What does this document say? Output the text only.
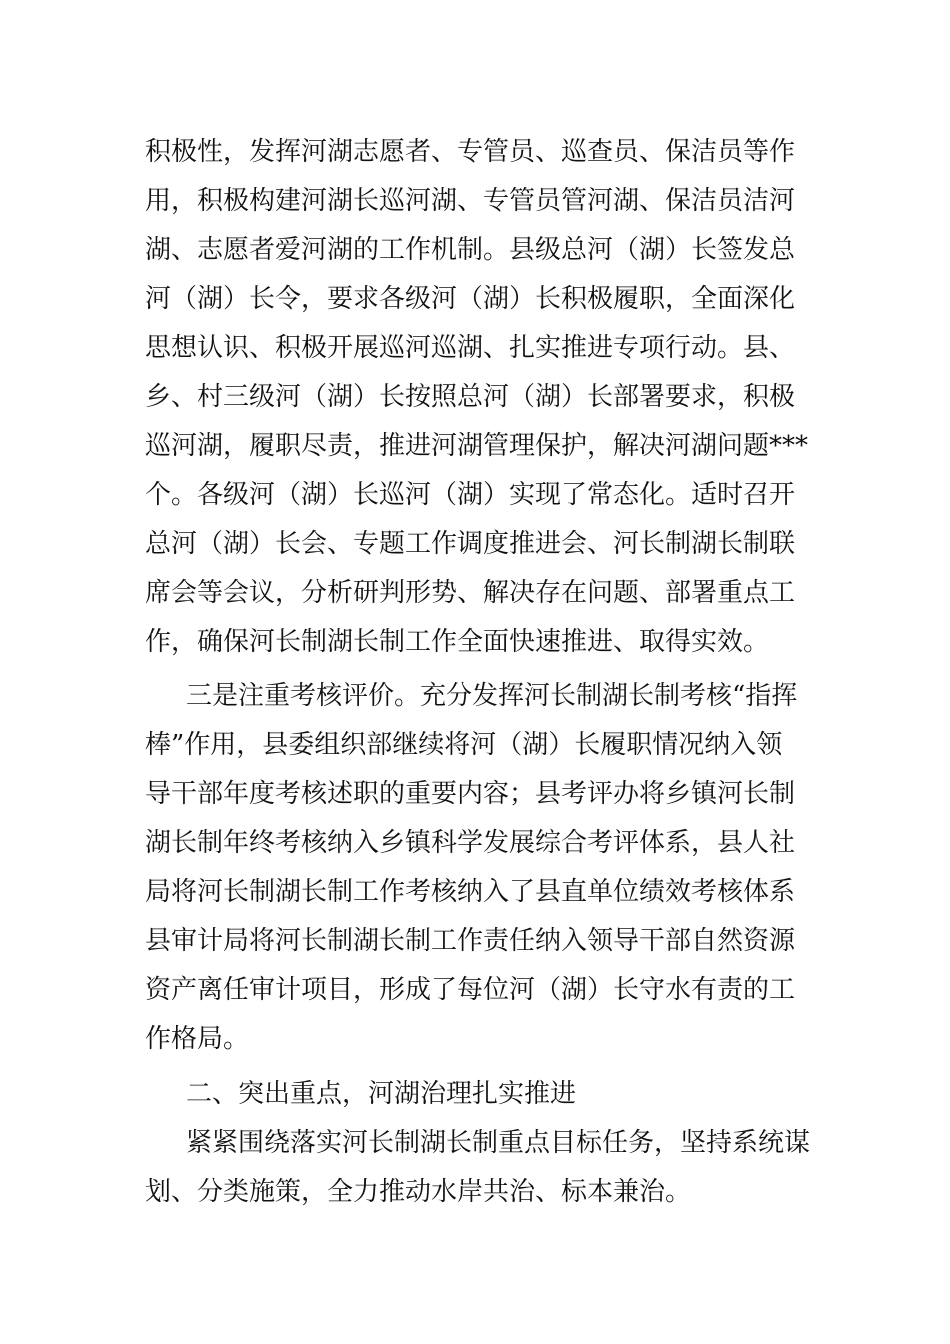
积极性，发挥河湖志愿者、专管员、巡查员、保洁员等作
用，积极构建河湖长巡河湖、专管员管河湖、保洁员洁河
湖、志愿者爱河湖的工作机制。县级总河（湖）长签发总
河（湖）长令，要求各级河（湖）长积极履职，全面深化
思想认识、积极开展巡河巡湖、扎实推进专项行动。县、
乡、村三级河（湖）长按照总河（湖）长部署要求，积极
巡河湖，履职尽责，推进河湖管理保护，解决河湖问题***
个。各级河（湖）长巡河（湖）实现了常态化。适时召开
总河（湖）长会、专题工作调度推进会、河长制湖长制联
席会等会议，分析研判形势、解决存在问题、部署重点工
作，确保河长制湖长制工作全面快速推进、取得实效。
三是注重考核评价。充分发挥河长制湖长制考核“指挥
棒”作用，县委组织部继续将河（湖）长履职情况纳入领
导干部年度考核述职的重要内容；县考评办将乡镇河长制
湖长制年终考核纳入乡镇科学发展综合考评体系，县人社
局将河长制湖长制工作考核纳入了县直单位绩效考核体系
县审计局将河长制湖长制工作责任纳入领导干部自然资源
资产离任审计项目，形成了每位河（湖）长守水有责的工
作格局。
二、突出重点，河湖治理扎实推进
紧紧围绕落实河长制湖长制重点目标任务，坚持系统谋
划、分类施策，全力推动水岸共治、标本兼治。
